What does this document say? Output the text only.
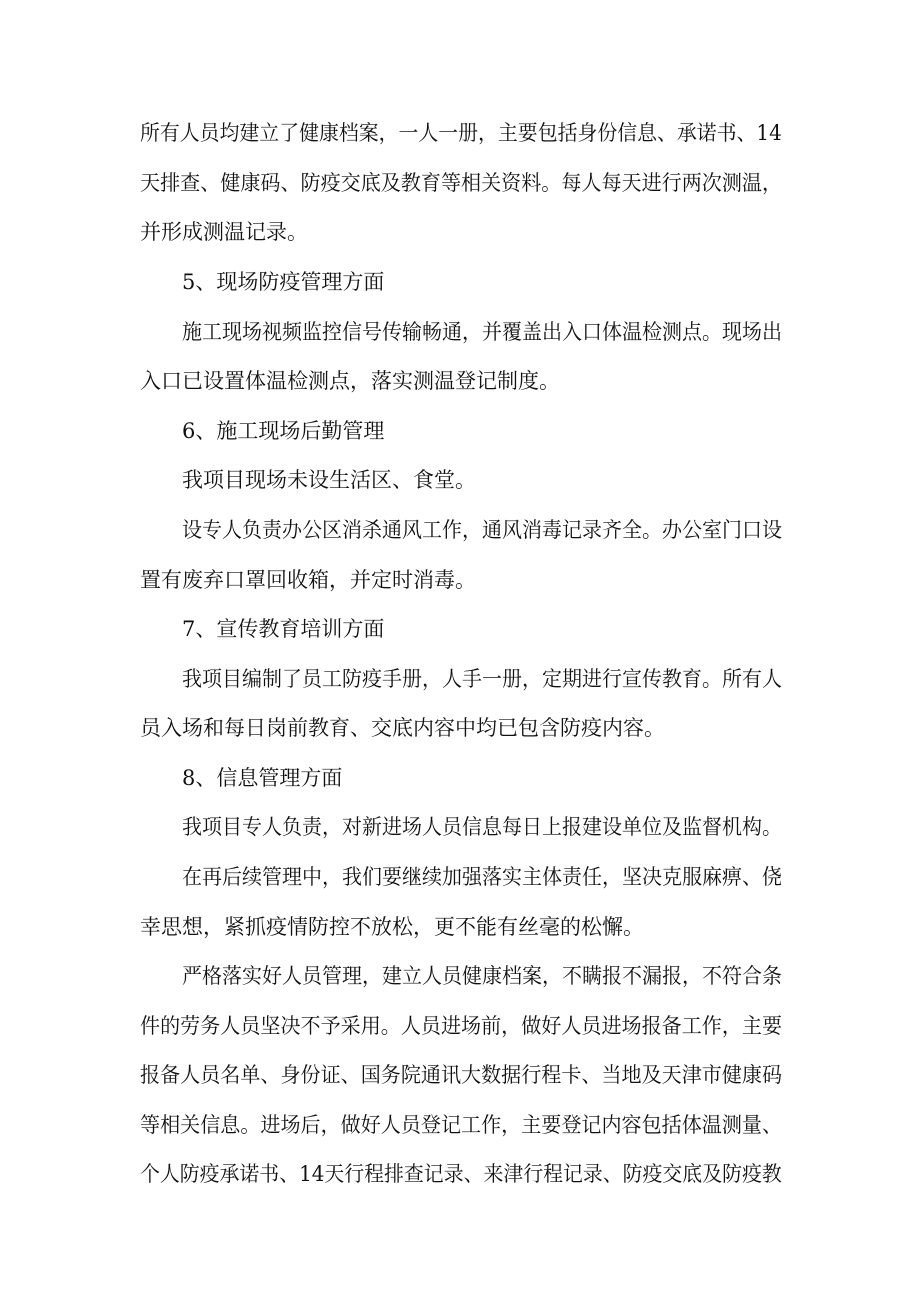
所有人员均建立了健康档案，一人一册，主要包括身份信息、承诺书、14

天排查、健康码、防疫交底及教育等相关资料。每人每天进行两次测温，

并形成测温记录。

5、现场防疫管理方面

施工现场视频监控信号传输畅通，并覆盖出入口体温检测点。现场出

入口已设置体温检测点，落实测温登记制度。

6、施工现场后勤管理

我项目现场未设生活区、食堂。

设专人负责办公区消杀通风工作，通风消毒记录齐全。办公室门口设

置有废弃口罩回收箱，并定时消毒。

7、宣传教育培训方面

我项目编制了员工防疫手册，人手一册，定期进行宣传教育。所有人

员入场和每日岗前教育、交底内容中均已包含防疫内容。

8、信息管理方面

我项目专人负责，对新进场人员信息每日上报建设单位及监督机构。

在再后续管理中，我们要继续加强落实主体责任，坚决克服麻痹、侥

幸思想，紧抓疫情防控不放松，更不能有丝毫的松懈。

严格落实好人员管理，建立人员健康档案，不瞒报不漏报，不符合条

件的劳务人员坚决不予采用。人员进场前，做好人员进场报备工作，主要

报备人员名单、身份证、国务院通讯大数据行程卡、当地及天津市健康码

等相关信息。进场后，做好人员登记工作，主要登记内容包括体温测量、

个人防疫承诺书、14天行程排查记录、来津行程记录、防疫交底及防疫教
